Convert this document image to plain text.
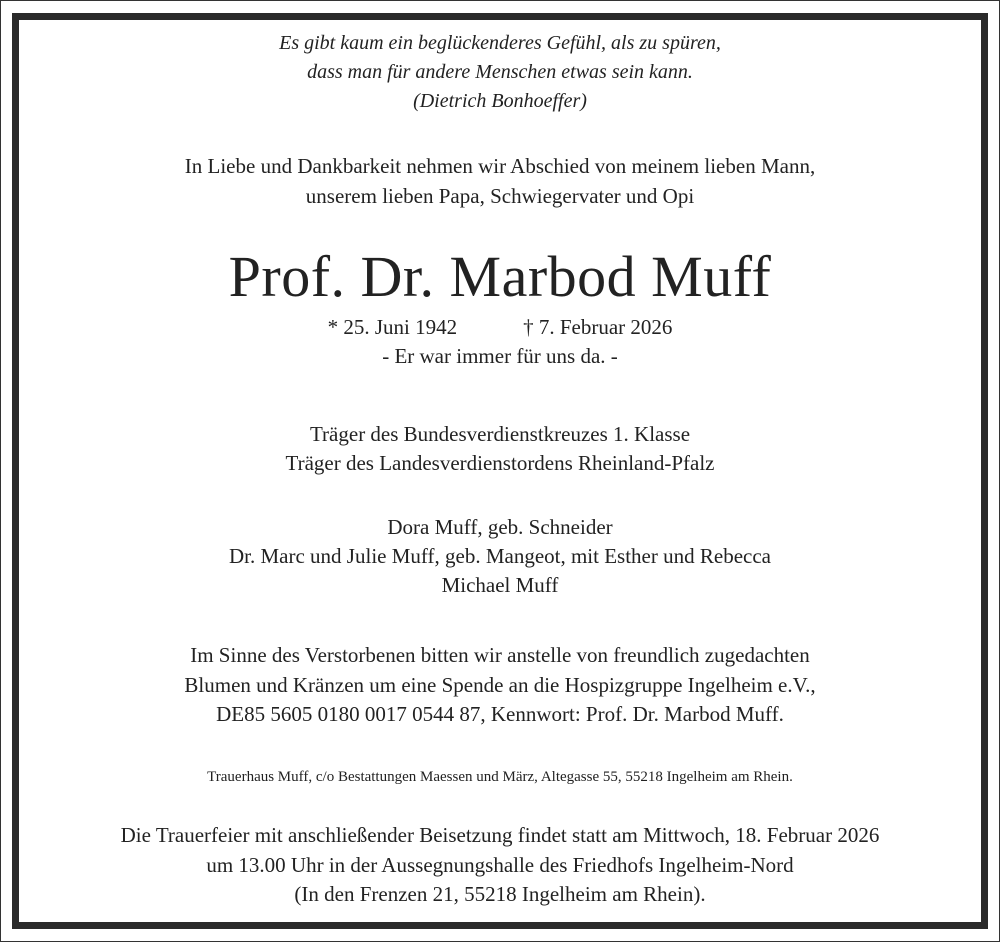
Es gibt kaum ein beglückenderes Gefühl, als zu spüren,
dass man für andere Menschen etwas sein kann.
(Dietrich Bonhoeffer)
In Liebe und Dankbarkeit nehmen wir Abschied von meinem lieben Mann,
unserem lieben Papa, Schwiegervater und Opi
Prof. Dr. Marbod Muff
* 25. Juni 1942	† 7. Februar 2026
- Er war immer für uns da. -
Träger des Bundesverdienstkreuzes 1. Klasse
Träger des Landesverdienstordens Rheinland-Pfalz
Dora Muff, geb. Schneider
Dr. Marc und Julie Muff, geb. Mangeot, mit Esther und Rebecca
Michael Muff
Im Sinne des Verstorbenen bitten wir anstelle von freundlich zugedachten
Blumen und Kränzen um eine Spende an die Hospizgruppe Ingelheim e.V.,
DE85 5605 0180 0017 0544 87, Kennwort: Prof. Dr. Marbod Muff.
Trauerhaus Muff, c/o Bestattungen Maessen und März, Altegasse 55, 55218 Ingelheim am Rhein.
Die Trauerfeier mit anschließender Beisetzung findet statt am Mittwoch, 18. Februar 2026
um 13.00 Uhr in der Aussegnungshalle des Friedhofs Ingelheim-Nord
(In den Frenzen 21, 55218 Ingelheim am Rhein).
